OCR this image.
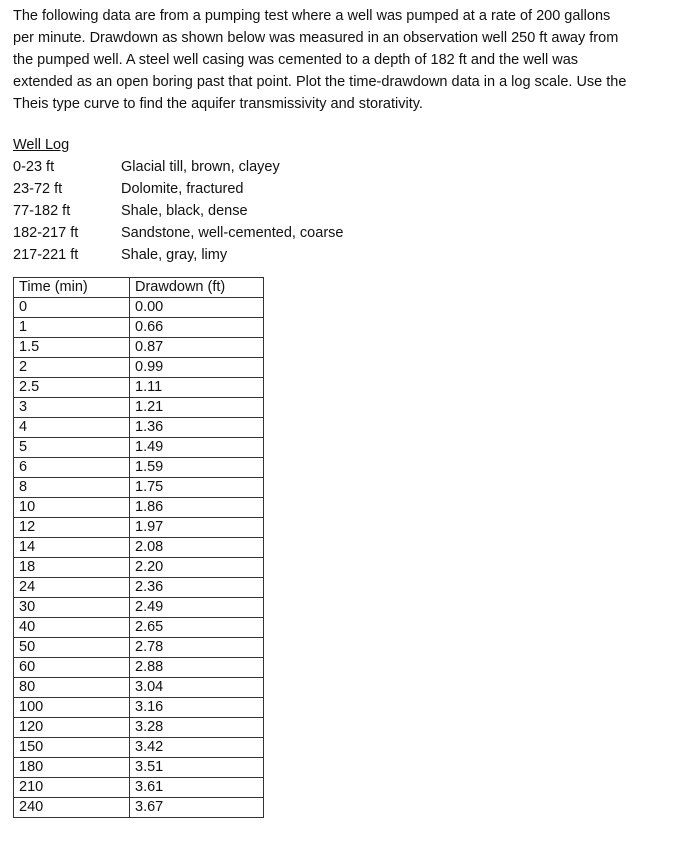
The following data are from a pumping test where a well was pumped at a rate of 200 gallons
per minute. Drawdown as shown below was measured in an observation well 250 ft away from
the pumped well. A steel well casing was cemented to a depth of 182 ft and the well was
extended as an open boring past that point. Plot the time-drawdown data in a log scale. Use the
Theis type curve to find the aquifer transmissivity and storativity.
Well Log
0-23 ft	Glacial till, brown, clayey
23-72 ft	Dolomite, fractured
77-182 ft	Shale, black, dense
182-217 ft	Sandstone, well-cemented, coarse
217-221 ft	Shale, gray, limy
Time (min)	Drawdown (ft)
0	0.00
1	0.66
1.5	0.87
2	0.99
2.5	1.11
3	1.21
4	1.36
5	1.49
6	1.59
8	1.75
10	1.86
12	1.97
14	2.08
18	2.20
24	2.36
30	2.49
40	2.65
50	2.78
60	2.88
80	3.04
100	3.16
120	3.28
150	3.42
180	3.51
210	3.61
240	3.67
